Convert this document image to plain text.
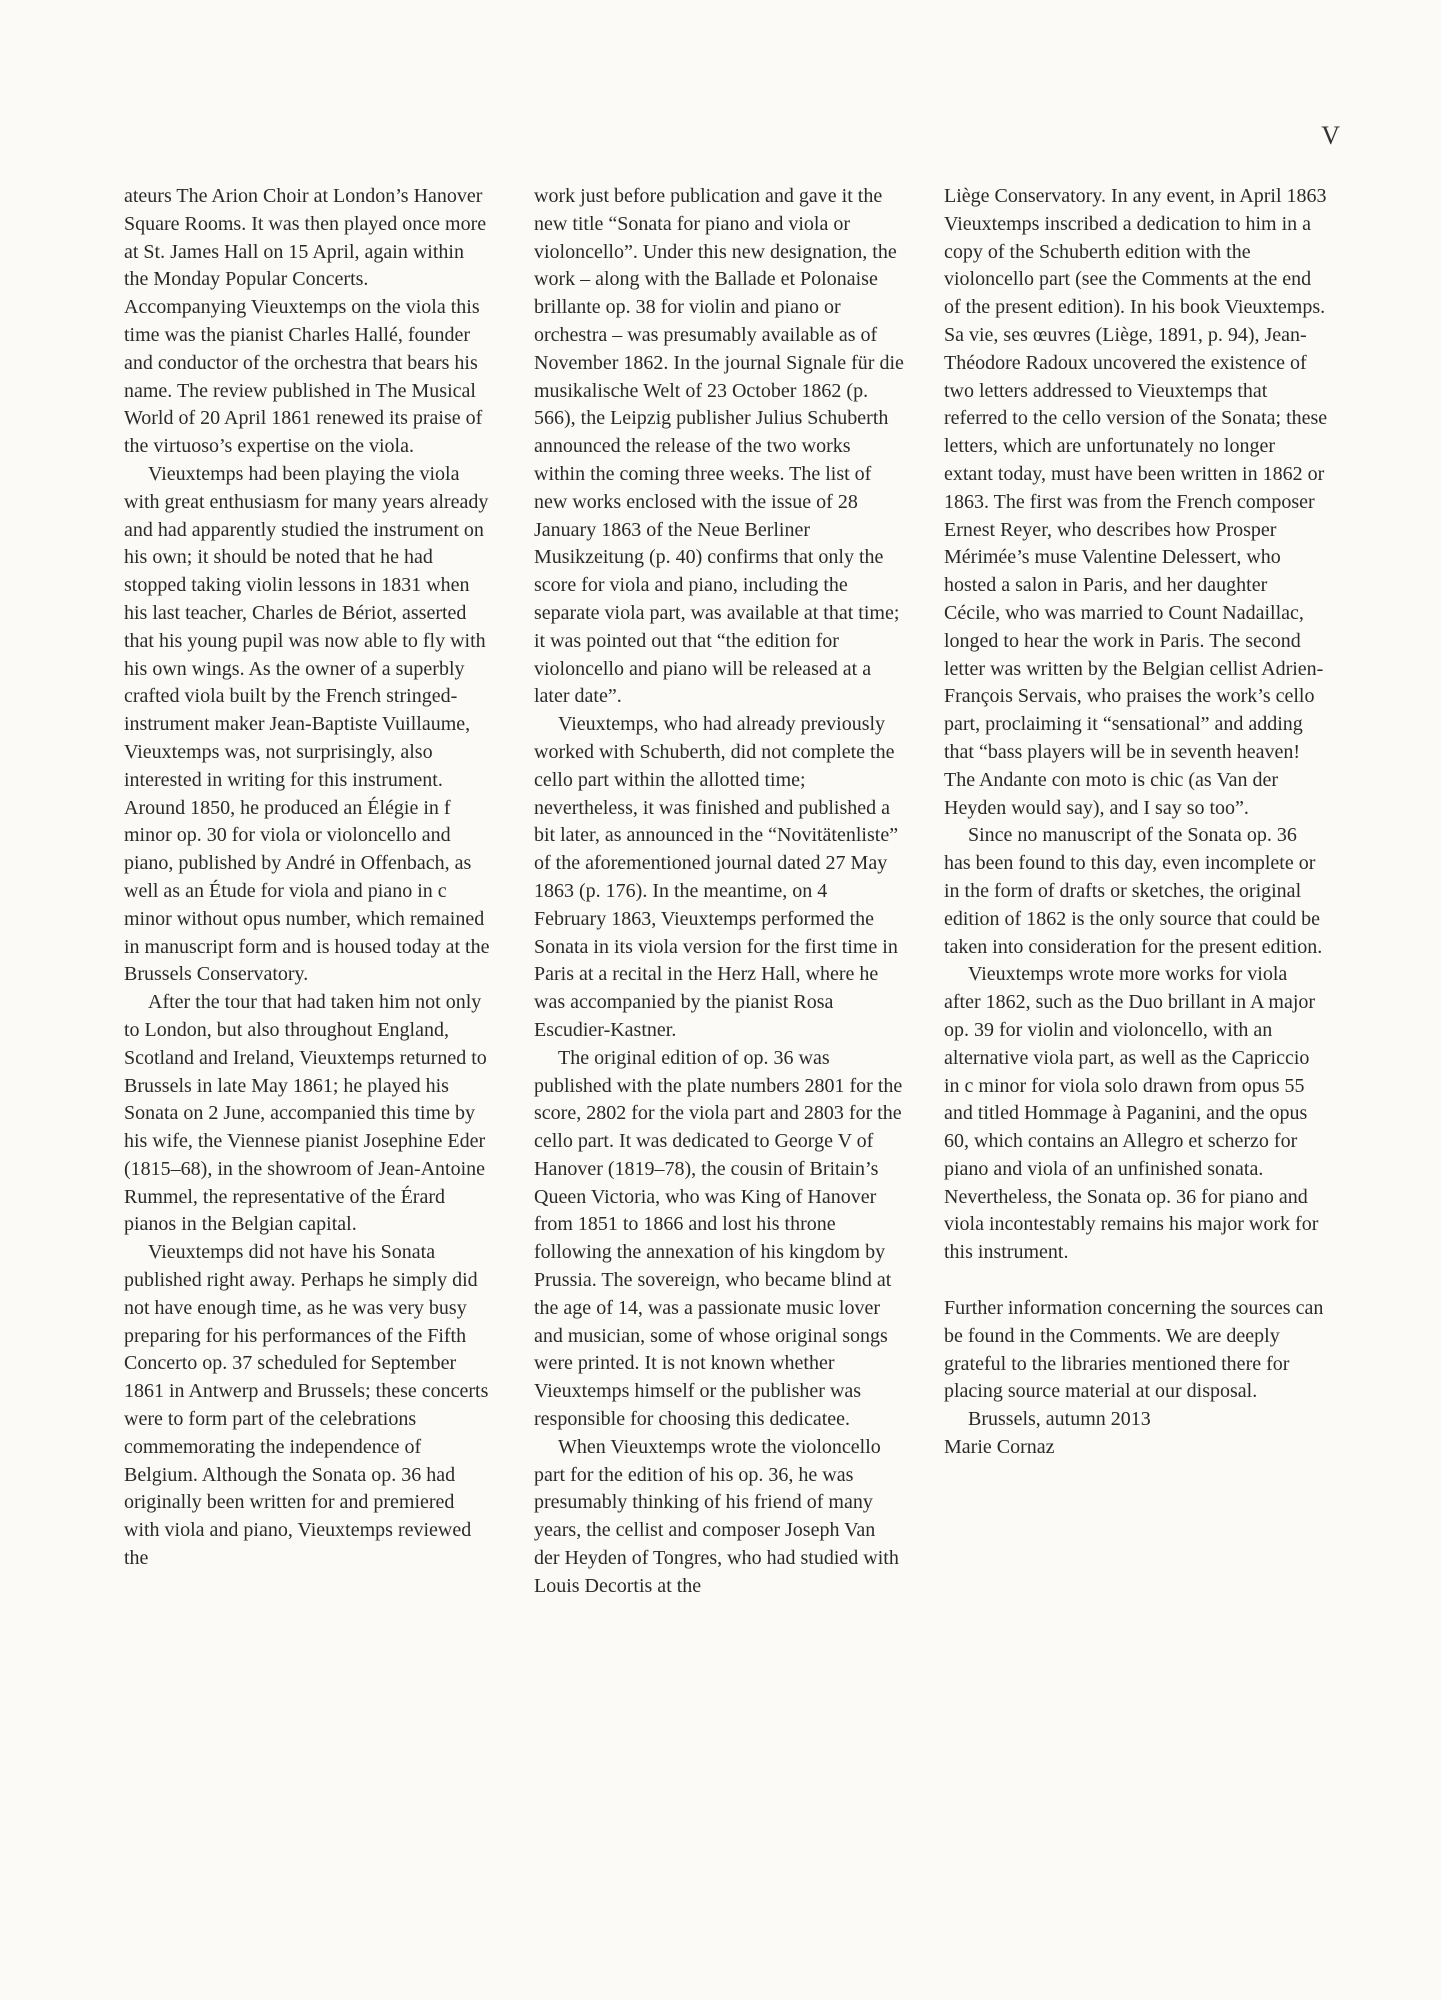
V

ateurs The Arion Choir at London’s Hanover Square Rooms. It was then played once more at St. James Hall on 15 April, again within the Monday Popular Concerts. Accompanying Vieuxtemps on the viola this time was the pianist Charles Hallé, founder and conductor of the orchestra that bears his name. The review published in The Musical World of 20 April 1861 renewed its praise of the virtuoso’s expertise on the viola.

Vieuxtemps had been playing the viola with great enthusiasm for many years already and had apparently studied the instrument on his own; it should be noted that he had stopped taking violin lessons in 1831 when his last teacher, Charles de Bériot, asserted that his young pupil was now able to fly with his own wings. As the owner of a superbly crafted viola built by the French stringed-instrument maker Jean-Baptiste Vuillaume, Vieuxtemps was, not surprisingly, also interested in writing for this instrument. Around 1850, he produced an Élégie in f minor op. 30 for viola or violoncello and piano, published by André in Offenbach, as well as an Étude for viola and piano in c minor without opus number, which remained in manuscript form and is housed today at the Brussels Conservatory.

After the tour that had taken him not only to London, but also throughout England, Scotland and Ireland, Vieuxtemps returned to Brussels in late May 1861; he played his Sonata on 2 June, accompanied this time by his wife, the Viennese pianist Josephine Eder (1815–68), in the showroom of Jean-Antoine Rummel, the representative of the Érard pianos in the Belgian capital.

Vieuxtemps did not have his Sonata published right away. Perhaps he simply did not have enough time, as he was very busy preparing for his performances of the Fifth Concerto op. 37 scheduled for September 1861 in Antwerp and Brussels; these concerts were to form part of the celebrations commemorating the independence of Belgium. Although the Sonata op. 36 had originally been written for and premiered with viola and piano, Vieuxtemps reviewed the

work just before publication and gave it the new title “Sonata for piano and viola or violoncello”. Under this new designation, the work – along with the Ballade et Polonaise brillante op. 38 for violin and piano or orchestra – was presumably available as of November 1862. In the journal Signale für die musikalische Welt of 23 October 1862 (p. 566), the Leipzig publisher Julius Schuberth announced the release of the two works within the coming three weeks. The list of new works enclosed with the issue of 28 January 1863 of the Neue Berliner Musikzeitung (p. 40) confirms that only the score for viola and piano, including the separate viola part, was available at that time; it was pointed out that “the edition for violoncello and piano will be released at a later date”.

Vieuxtemps, who had already previously worked with Schuberth, did not complete the cello part within the allotted time; nevertheless, it was finished and published a bit later, as announced in the “Novitätenliste” of the aforementioned journal dated 27 May 1863 (p. 176). In the meantime, on 4 February 1863, Vieuxtemps performed the Sonata in its viola version for the first time in Paris at a recital in the Herz Hall, where he was accompanied by the pianist Rosa Escudier-Kastner.

The original edition of op. 36 was published with the plate numbers 2801 for the score, 2802 for the viola part and 2803 for the cello part. It was dedicated to George V of Hanover (1819–78), the cousin of Britain’s Queen Victoria, who was King of Hanover from 1851 to 1866 and lost his throne following the annexation of his kingdom by Prussia. The sovereign, who became blind at the age of 14, was a passionate music lover and musician, some of whose original songs were printed. It is not known whether Vieuxtemps himself or the publisher was responsible for choosing this dedicatee.

When Vieuxtemps wrote the violoncello part for the edition of his op. 36, he was presumably thinking of his friend of many years, the cellist and composer Joseph Van der Heyden of Tongres, who had studied with Louis Decortis at the

Liège Conservatory. In any event, in April 1863 Vieuxtemps inscribed a dedication to him in a copy of the Schuberth edition with the violoncello part (see the Comments at the end of the present edition). In his book Vieuxtemps. Sa vie, ses œuvres (Liège, 1891, p. 94), Jean-Théodore Radoux uncovered the existence of two letters addressed to Vieuxtemps that referred to the cello version of the Sonata; these letters, which are unfortunately no longer extant today, must have been written in 1862 or 1863. The first was from the French composer Ernest Reyer, who describes how Prosper Mérimée’s muse Valentine Delessert, who hosted a salon in Paris, and her daughter Cécile, who was married to Count Nadaillac, longed to hear the work in Paris. The second letter was written by the Belgian cellist Adrien-François Servais, who praises the work’s cello part, proclaiming it “sensational” and adding that “bass players will be in seventh heaven! The Andante con moto is chic (as Van der Heyden would say), and I say so too”.

Since no manuscript of the Sonata op. 36 has been found to this day, even incomplete or in the form of drafts or sketches, the original edition of 1862 is the only source that could be taken into consideration for the present edition.

Vieuxtemps wrote more works for viola after 1862, such as the Duo brillant in A major op. 39 for violin and violoncello, with an alternative viola part, as well as the Capriccio in c minor for viola solo drawn from opus 55 and titled Hommage à Paganini, and the opus 60, which contains an Allegro et scherzo for piano and viola of an unfinished sonata. Nevertheless, the Sonata op. 36 for piano and viola incontestably remains his major work for this instrument.

Further information concerning the sources can be found in the Comments. We are deeply grateful to the libraries mentioned there for placing source material at our disposal.

Brussels, autumn 2013

Marie Cornaz
